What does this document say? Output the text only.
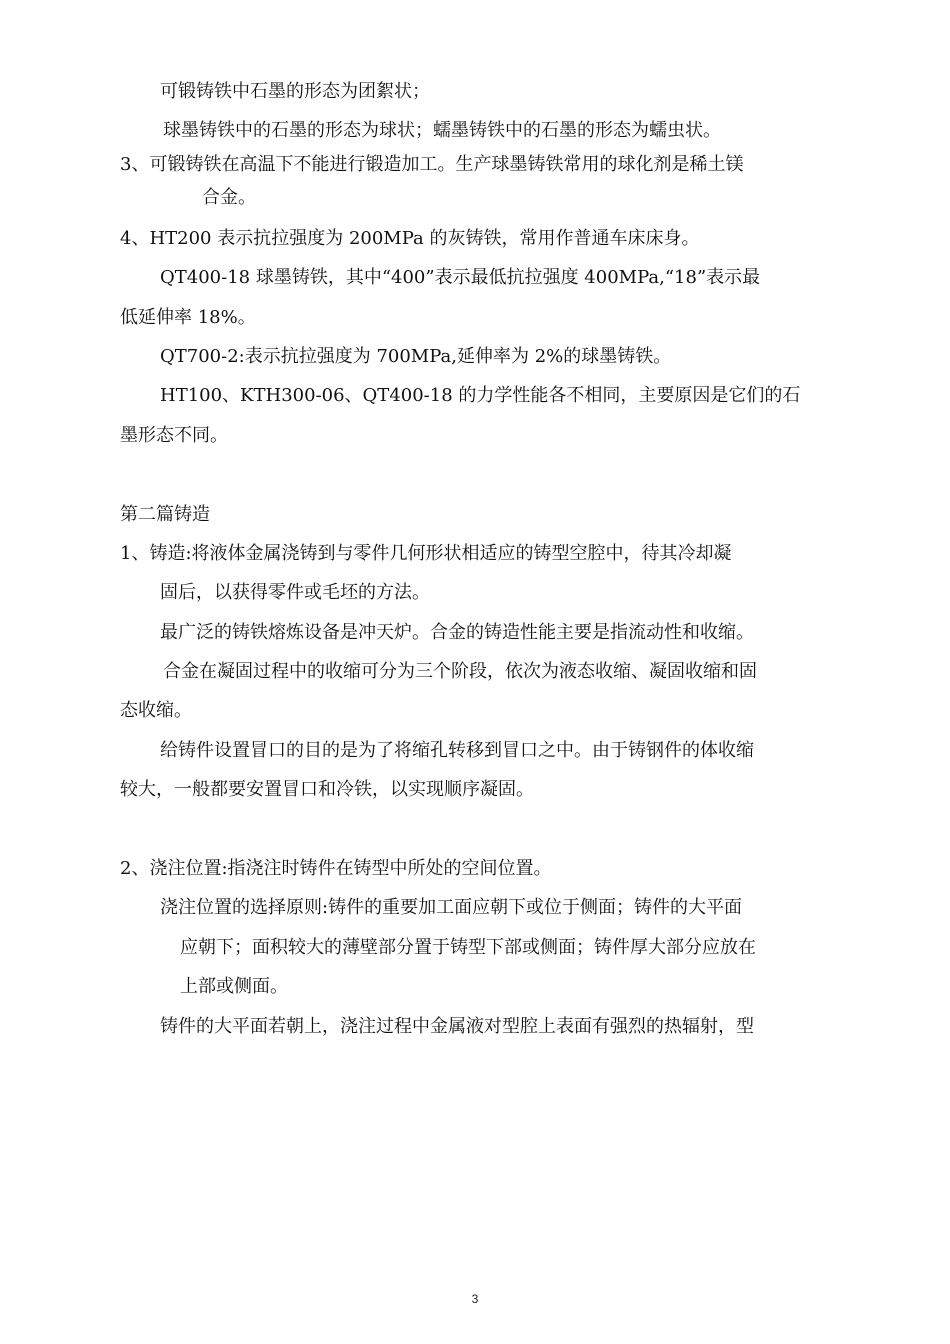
可锻铸铁中石墨的形态为团絮状；
球墨铸铁中的石墨的形态为球状；蠕墨铸铁中的石墨的形态为蠕虫状。
3、可锻铸铁在高温下不能进行锻造加工。生产球墨铸铁常用的球化剂是稀土镁
合金。
4、HT200 表示抗拉强度为 200MPa 的灰铸铁，常用作普通车床床身。
QT400-18 球墨铸铁，其中“400”表示最低抗拉强度 400MPa,“18”表示最
低延伸率 18%。
QT700-2:表示抗拉强度为 700MPa,延伸率为 2%的球墨铸铁。
HT100、KTH300-06、QT400-18 的力学性能各不相同，主要原因是它们的石
墨形态不同。
第二篇铸造
1、铸造:将液体金属浇铸到与零件几何形状相适应的铸型空腔中，待其冷却凝
固后，以获得零件或毛坯的方法。
最广泛的铸铁熔炼设备是冲天炉。合金的铸造性能主要是指流动性和收缩。
合金在凝固过程中的收缩可分为三个阶段，依次为液态收缩、凝固收缩和固
态收缩。
给铸件设置冒口的目的是为了将缩孔转移到冒口之中。由于铸钢件的体收缩
较大，一般都要安置冒口和冷铁，以实现顺序凝固。
2、浇注位置:指浇注时铸件在铸型中所处的空间位置。
浇注位置的选择原则:铸件的重要加工面应朝下或位于侧面；铸件的大平面
应朝下；面积较大的薄壁部分置于铸型下部或侧面；铸件厚大部分应放在
上部或侧面。
铸件的大平面若朝上，浇注过程中金属液对型腔上表面有强烈的热辐射，型
3
